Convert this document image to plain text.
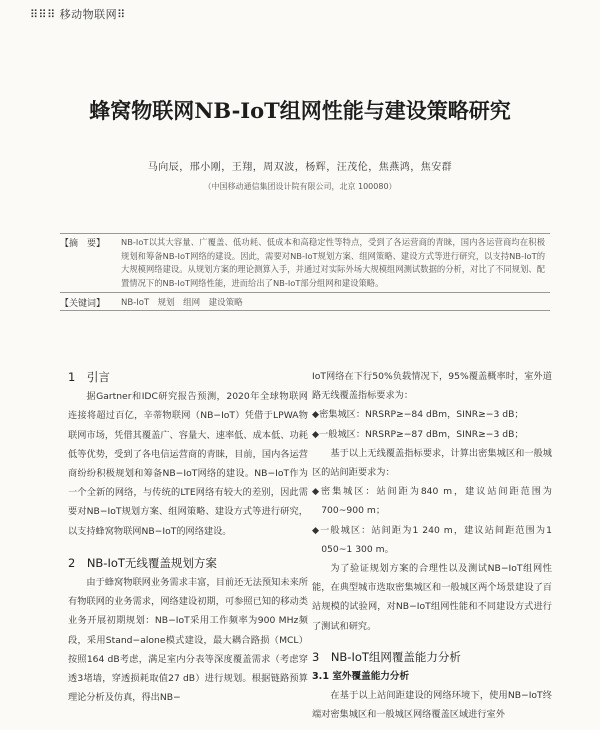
⠿⠿⠿ 移动物联网⠿
蜂窝物联网NB-IoT组网性能与建设策略研究
马向辰，邢小刚，王翔，周双波，杨辉，汪茂伦，焦燕鸿，焦安群
（中国移动通信集团设计院有限公司，北京 100080）
【摘　要】	NB-IoT以其大容量、广覆盖、低功耗、低成本和高稳定性等特点，受到了各运营商的青睐，国内各运营商均在积极规划和筹备NB-IoT网络的建设。因此，需要对NB-IoT规划方案、组网策略、建设方式等进行研究，以支持NB-IoT的大规模网络建设。从规划方案的理论测算入手，并通过对实际外场大规模组网测试数据的分析，对比了不同规划、配置情况下的NB-IoT网络性能，进而给出了NB-IoT部分组网和建设策略。
【关键词】	NB-IoT　规划　组网　建设策略

1　引言

据Gartner和IDC研究报告预测，2020年全球物联网连接将超过百亿，辛蒂物联网（NB−IoT）凭借于LPWA物联网市场，凭借其覆盖广、容量大、速率低、成本低、功耗低等优势，受到了各电信运营商的青睐，目前，国内各运营商纷纷积极规划和筹备NB−IoT网络的建设。NB−IoT作为一个全新的网络，与传统的LTE网络有较大的差别，因此需要对NB−IoT规划方案、组网策略、建设方式等进行研究，以支持蜂窝物联网NB−IoT的网络建设。

2　NB-IoT无线覆盖规划方案

由于蜂窝物联网业务需求丰富，目前还无法预知未来所有物联网的业务需求，网络建设初期，可参照已知的移动类业务开展初期规划：NB−IoT采用工作频率为900 MHz频段，采用Stand−alone模式建设，最大耦合路损（MCL）按照164 dB考虑，满足室内分表等深度覆盖需求（考虑穿透3堵墙，穿透损耗取值27 dB）进行规划。根据链路预算理论分析及仿真，得出NB−

IoT网络在下行50%负载情况下，95%覆盖概率时，室外道路无线覆盖指标要求为：

◆密集城区：NRSRP≥−84 dBm，SINR≥−3 dB；

◆一般城区：NRSRP≥−87 dBm，SINR≥−3 dB；

基于以上无线覆盖指标要求，计算出密集城区和一般城区的站间距要求为：

◆密集城区：站间距为840 m，建议站间距范围为700~900 m；

◆一般城区：站间距为1 240 m，建议站间距范围为1 050~1 300 m。

为了验证规划方案的合理性以及测试NB−IoT组网性能，在典型城市选取密集城区和一般城区两个场景建设了百站规模的试验网，对NB−IoT组网性能和不同建设方式进行了测试和研究。

3　NB-IoT组网覆盖能力分析

3.1 室外覆盖能力分析

在基于以上站间距建设的网络环境下，使用NB−IoT终端对密集城区和一般城区网络覆盖区域进行室外
